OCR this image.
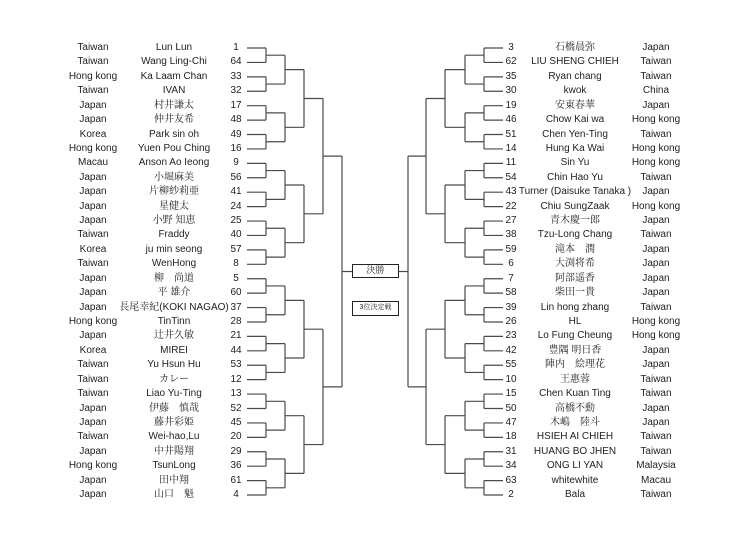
Taiwan	Lun Lun	1
Taiwan	Wang Ling-Chi	64
Hong kong	Ka Laam Chan	33
Taiwan	IVAN	32
Japan	村井謙太	17
Japan	仲井友希	48
Korea	Park sin oh	49
Hong kong	Yuen Pou Ching	16
Macau	Anson Ao Ieong	9
Japan	小堀麻美	56
Japan	片柳紗莉亜	41
Japan	星健太	24
Japan	小野 知恵	25
Taiwan	Fraddy	40
Korea	ju min seong	57
Taiwan	WenHong	8
Japan	柳　尚道	5
Japan	平 雄介	60
Japan	長尾幸紀(KOKI NAGAO) 37
Hong kong	TinTinn	28
Japan	辻井久敏	21
Korea	MIREI	44
Taiwan	Yu Hsun Hu	53
Taiwan	カレー	12
Taiwan	Liao Yu-Ting	13
Japan	伊藤　慎哉	52
Japan	藤井彩姫	45
Taiwan	Wei-hao,Lu	20
Japan	中井陽翔	29
Hong kong	TsunLong	36
Japan	田中翔	61
Japan	山口　魁	4
3	石橋晨弥	Japan
62	LIU SHENG CHIEH	Taiwan
35	Ryan chang	Taiwan
30	kwok	China
19	安東春華	Japan
46	Chow Kai wa	Hong kong
51	Chen Yen-Ting	Taiwan
14	Hung Ka Wai	Hong kong
11	Sin Yu	Hong kong
54	Chin Hao Yu	Taiwan
43 Turner (Daisuke Tanaka )	Japan
22	Chiu SungZaak	Hong kong
27	青木慶一郎	Japan
38	Tzu-Long Chang	Taiwan
59	滝本　潤	Japan
6	大渕将希	Japan
7	阿部遥香	Japan
58	柴田一貴	Japan
39	Lin hong zhang	Taiwan
26	HL	Hong kong
23	Lo Fung Cheung	Hong kong
42	豊隅 明日香	Japan
55	陣内　絵理花	Japan
10	王惠蓉	Taiwan
15	Chen Kuan Ting	Taiwan
50	高橋不動	Japan
47	木嶋　陸斗	Japan
18	HSIEH AI CHIEH	Taiwan
31	HUANG BO JHEN	Taiwan
34	ONG LI YAN	Malaysia
63	whitewhite	Macau
2	Bala	Taiwan
決勝
3位決定戦
